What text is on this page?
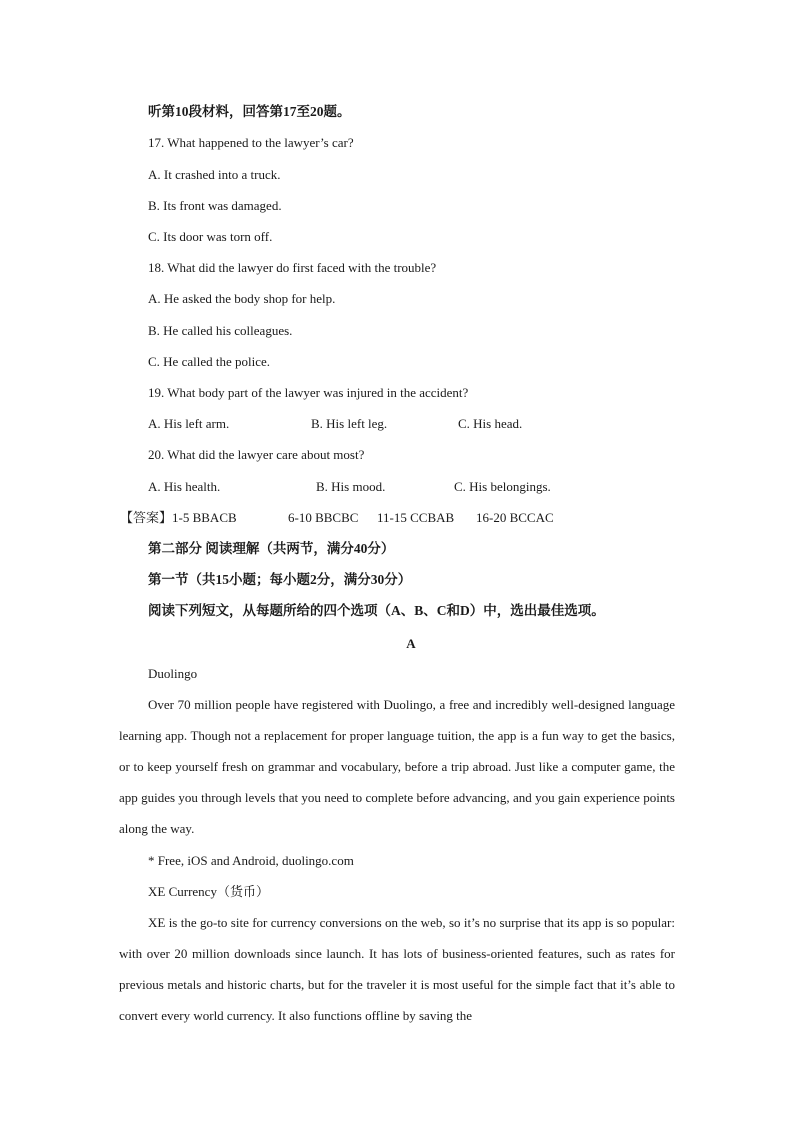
听第10段材料，回答第17至20题。
17. What happened to the lawyer’s car?
A. It crashed into a truck.
B. Its front was damaged.
C. Its door was torn off.
18. What did the lawyer do first faced with the trouble?
A. He asked the body shop for help.
B. He called his colleagues.
C. He called the police.
19. What body part of the lawyer was injured in the accident?
A. His left arm.	B. His left leg.	C. His head.
20. What did the lawyer care about most?
A. His health.	B. His mood.	C. His belongings.
【答案】1-5 BBACB	6-10 BBCBC 11-15 CCBAB 16-20 BCCAC
第二部分 阅读理解（共两节，满分40分）
第一节（共15小题；每小题2分，满分30分）
阅读下列短文，从每题所给的四个选项（A、B、C和D）中，选出最佳选项。
A
Duolingo
Over 70 million people have registered with Duolingo, a free and incredibly well-designed language learning app. Though not a replacement for proper language tuition, the app is a fun way to get the basics, or to keep yourself fresh on grammar and vocabulary, before a trip abroad. Just like a computer game, the app guides you through levels that you need to complete before advancing, and you gain experience points along the way.
* Free, iOS and Android, duolingo.com
XE Currency（货币）
XE is the go-to site for currency conversions on the web, so it’s no surprise that its app is so popular: with over 20 million downloads since launch. It has lots of business-oriented features, such as rates for previous metals and historic charts, but for the traveler it is most useful for the simple fact that it’s able to convert every world currency. It also functions offline by saving the
